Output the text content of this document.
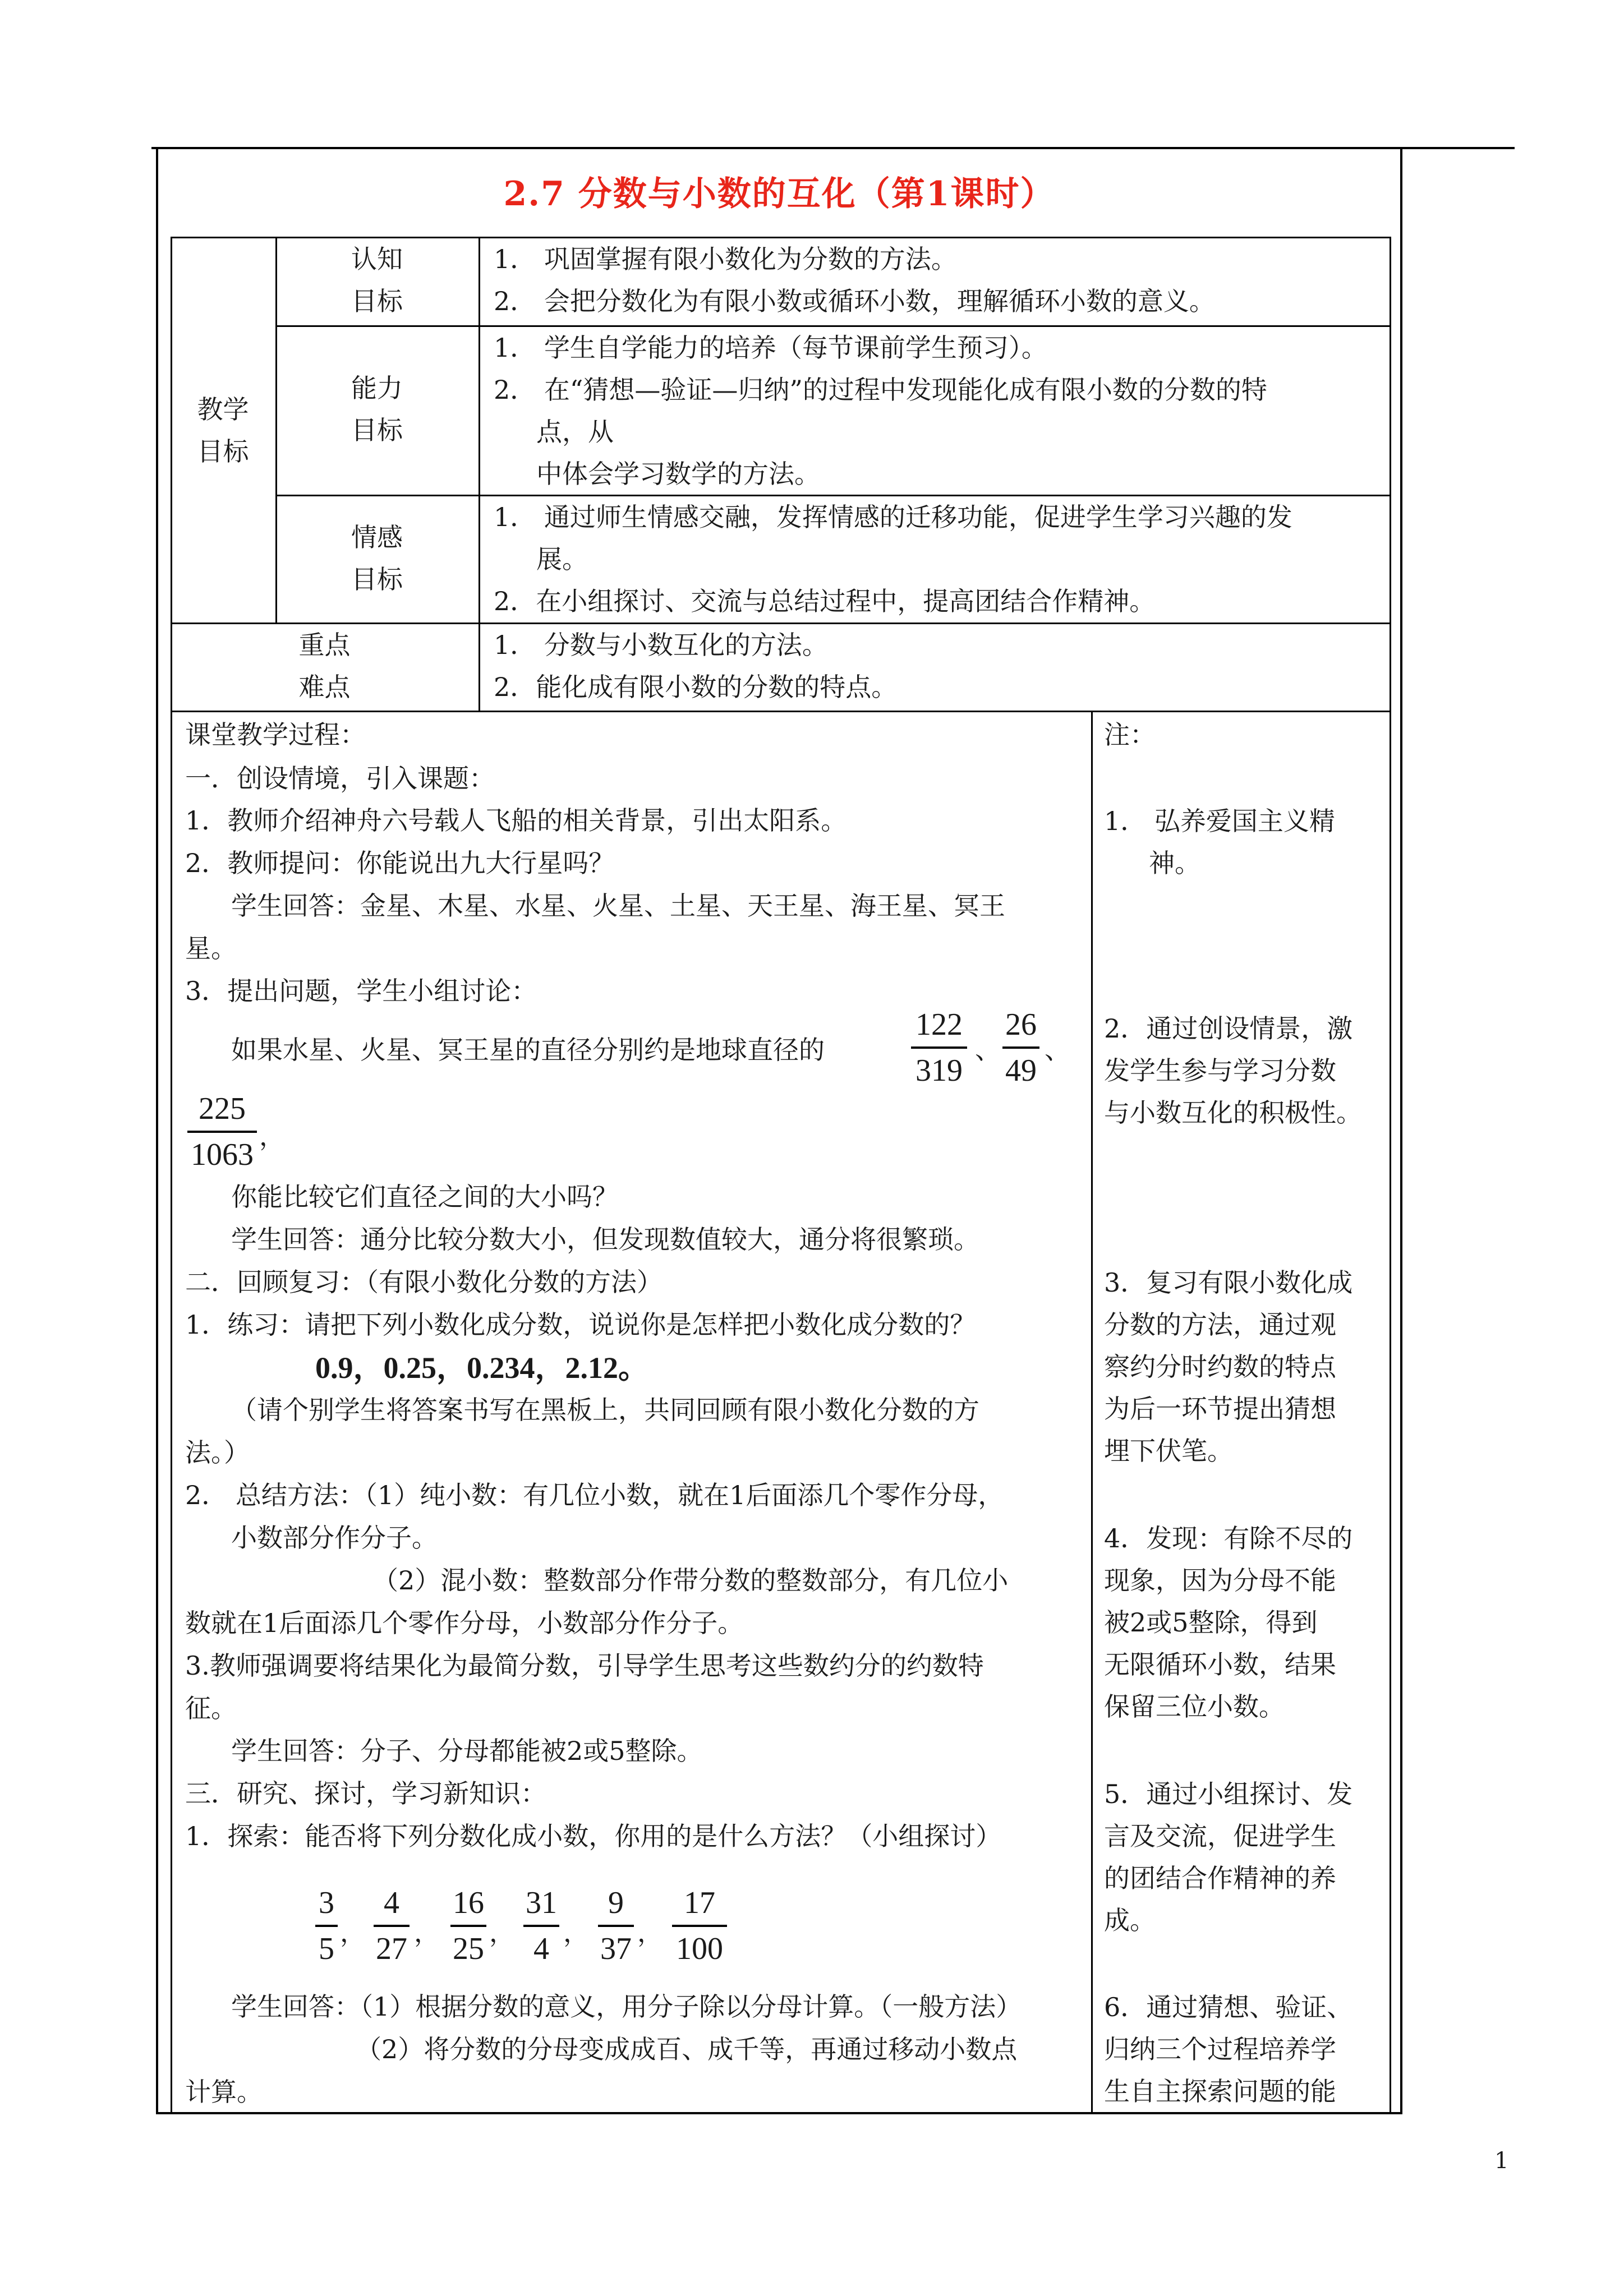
2.7 分数与小数的互化（第1课时）
教学
目标
认知
目标
1． 巩固掌握有限小数化为分数的方法。
2． 会把分数化为有限小数或循环小数，理解循环小数的意义。
能力
目标
1． 学生自学能力的培养（每节课前学生预习）。
2． 在“猜想—验证—归纳”的过程中发现能化成有限小数的分数的特
点，从
中体会学习数学的方法。
情感
目标
1． 通过师生情感交融，发挥情感的迁移功能，促进学生学习兴趣的发
展。
2．在小组探讨、交流与总结过程中，提高团结合作精神。
重点
难点
1． 分数与小数互化的方法。
2．能化成有限小数的分数的特点。
课堂教学过程：
一．创设情境，引入课题：
1．教师介绍神舟六号载人飞船的相关背景，引出太阳系。
2．教师提问：你能说出九大行星吗？
学生回答：金星、木星、水星、火星、土星、天王星、海王星、冥王
星。
3．提出问题，学生小组讨论：
如果水星、火星、冥王星的直径分别约是地球直径的
122
319
、
26
49
、
225
1063
，
你能比较它们直径之间的大小吗？
学生回答：通分比较分数大小，但发现数值较大，通分将很繁琐。
二．回顾复习：（有限小数化分数的方法）
1．练习：请把下列小数化成分数，说说你是怎样把小数化成分数的？
0.9，0.25，0.234，2.12。
（请个别学生将答案书写在黑板上，共同回顾有限小数化分数的方
法。）
2． 总结方法：（1）纯小数：有几位小数，就在1后面添几个零作分母，
小数部分作分子。
（2）混小数：整数部分作带分数的整数部分，有几位小
数就在1后面添几个零作分母，小数部分作分子。
3.教师强调要将结果化为最简分数，引导学生思考这些数约分的约数特
征。
学生回答：分子、分母都能被2或5整除。
三．研究、探讨，学习新知识：
1．探索：能否将下列分数化成小数，你用的是什么方法？（小组探讨）
3
5 ，
4
27 ，
16
25 ，
31
4 ，
9
37 ，
17
100
学生回答：（1）根据分数的意义，用分子除以分母计算。（一般方法）
（2）将分数的分母变成成百、成千等，再通过移动小数点
计算。
注：
1． 弘养爱国主义精
神。
2．通过创设情景，激
发学生参与学习分数
与小数互化的积极性。
3．复习有限小数化成
分数的方法，通过观
察约分时约数的特点
为后一环节提出猜想
埋下伏笔。
4．发现：有除不尽的
现象，因为分母不能
被2或5整除，得到
无限循环小数，结果
保留三位小数。
5．通过小组探讨、发
言及交流，促进学生
的团结合作精神的养
成。
6．通过猜想、验证、
归纳三个过程培养学
生自主探索问题的能
1
